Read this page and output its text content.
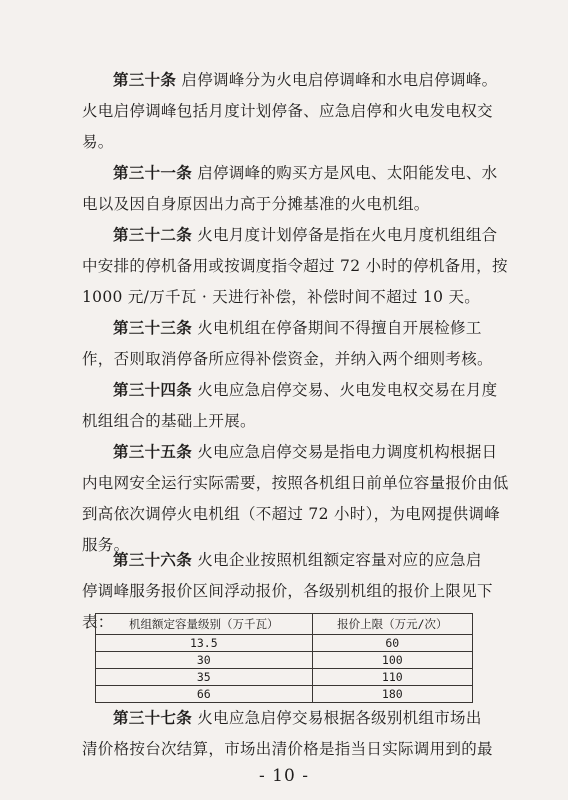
第三十条 启停调峰分为火电启停调峰和水电启停调峰。
火电启停调峰包括月度计划停备、应急启停和火电发电权交
易。

第三十一条 启停调峰的购买方是风电、太阳能发电、水
电以及因自身原因出力高于分摊基准的火电机组。

第三十二条 火电月度计划停备是指在火电月度机组组合
中安排的停机备用或按调度指令超过 72 小时的停机备用，按
1000 元/万千瓦 · 天进行补偿，补偿时间不超过 10 天。

第三十三条 火电机组在停备期间不得擅自开展检修工
作，否则取消停备所应得补偿资金，并纳入两个细则考核。

第三十四条 火电应急启停交易、火电发电权交易在月度
机组组合的基础上开展。

第三十五条 火电应急启停交易是指电力调度机构根据日
内电网安全运行实际需要，按照各机组日前单位容量报价由低
到高依次调停火电机组（不超过 72 小时），为电网提供调峰
服务。

第三十六条 火电企业按照机组额定容量对应的应急启
停调峰服务报价区间浮动报价，各级别机组的报价上限见下
表：	机组额定容量级别（万千瓦）	报价上限（万元/次）
13.5	60
30	100
35	110
66	180

第三十七条 火电应急启停交易根据各级别机组市场出
清价格按台次结算，市场出清价格是指当日实际调用到的最

- 10 -
